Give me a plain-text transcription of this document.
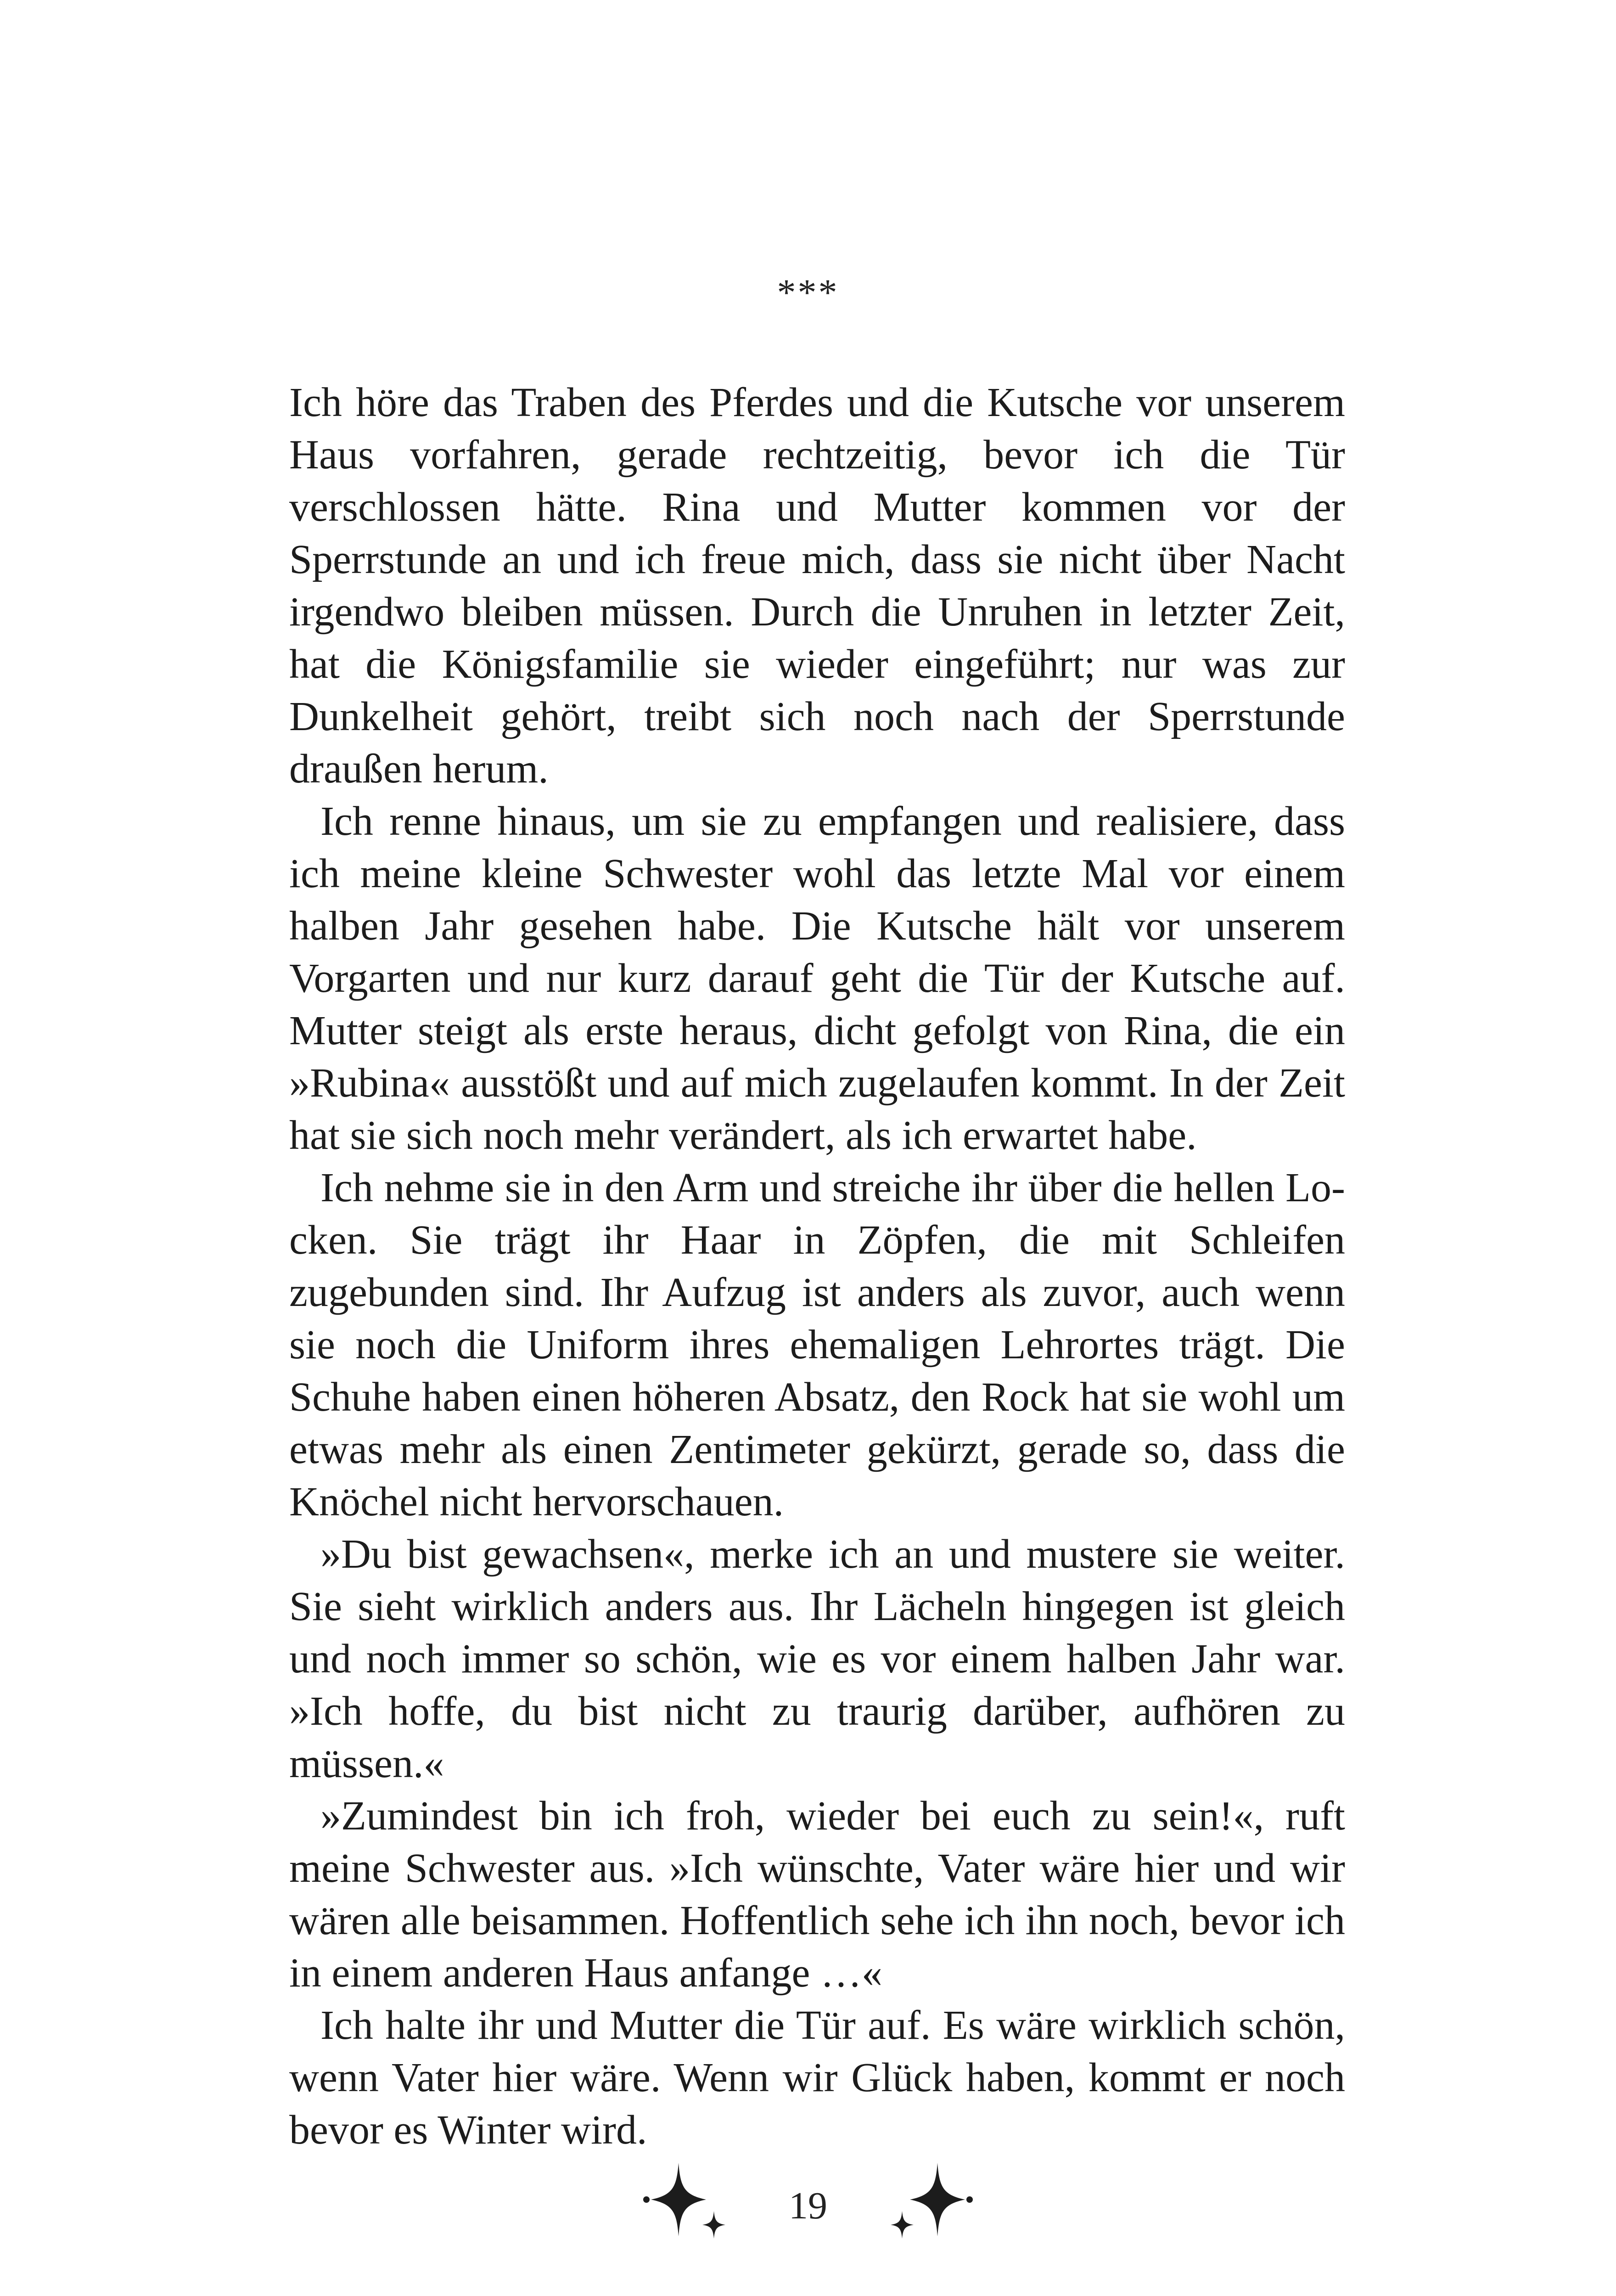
***

Ich höre das Traben des Pferdes und die Kutsche vor unserem Haus vorfahren, gerade rechtzeitig, bevor ich die Tür verschlossen hätte. Rina und Mutter kommen vor der Sperrstunde an und ich freue mich, dass sie nicht über Nacht irgendwo bleiben müssen. Durch die Unruhen in letzter Zeit, hat die Königsfamilie sie wieder eingeführt; nur was zur Dunkelheit gehört, treibt sich noch nach der Sperrstunde draußen herum.

Ich renne hinaus, um sie zu empfangen und realisiere, dass ich meine kleine Schwester wohl das letzte Mal vor einem halben Jahr gesehen habe. Die Kutsche hält vor unserem Vorgarten und nur kurz darauf geht die Tür der Kutsche auf. Mutter steigt als erste heraus, dicht gefolgt von Rina, die ein »Rubina« ausstößt und auf mich zugelaufen kommt. In der Zeit hat sie sich noch mehr verändert, als ich erwartet habe.

Ich nehme sie in den Arm und streiche ihr über die hellen Locken. Sie trägt ihr Haar in Zöpfen, die mit Schleifen zugebunden sind. Ihr Aufzug ist anders als zuvor, auch wenn sie noch die Uniform ihres ehemaligen Lehrortes trägt. Die Schuhe haben einen höheren Absatz, den Rock hat sie wohl um etwas mehr als einen Zentimeter gekürzt, gerade so, dass die Knöchel nicht hervorschauen.

»Du bist gewachsen«, merke ich an und mustere sie weiter. Sie sieht wirklich anders aus. Ihr Lächeln hingegen ist gleich und noch immer so schön, wie es vor einem halben Jahr war. »Ich hoffe, du bist nicht zu traurig darüber, aufhören zu müssen.«

»Zumindest bin ich froh, wieder bei euch zu sein!«, ruft meine Schwester aus. »Ich wünschte, Vater wäre hier und wir wären alle beisammen. Hoffentlich sehe ich ihn noch, bevor ich in einem anderen Haus anfange …«

Ich halte ihr und Mutter die Tür auf. Es wäre wirklich schön, wenn Vater hier wäre. Wenn wir Glück haben, kommt er noch bevor es Winter wird.

19
